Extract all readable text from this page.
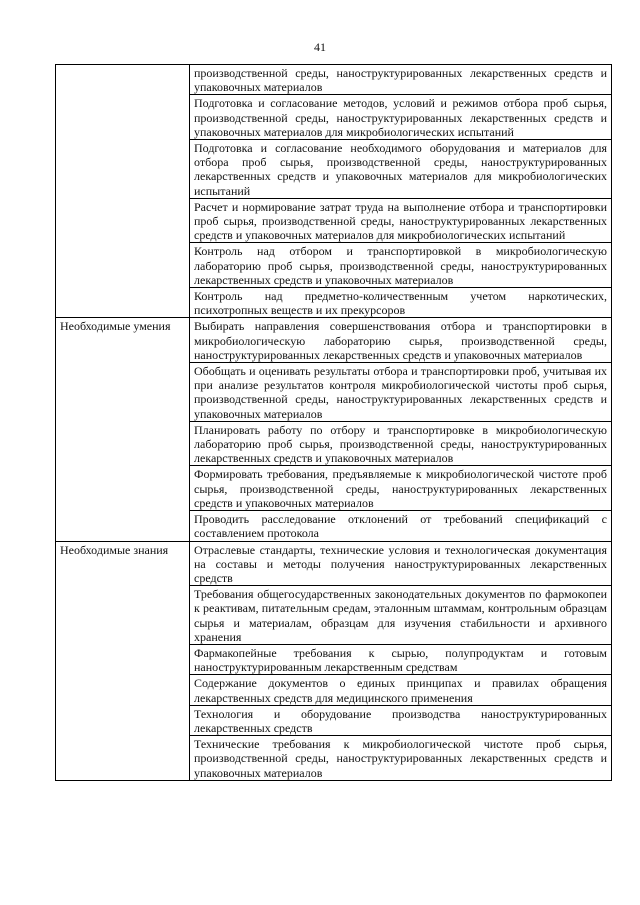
41
	производственной среды, наноструктурированных лекарственных средств и упаковочных материалов
	Подготовка и согласование методов, условий и режимов отбора проб сырья, производственной среды, наноструктурированных лекарственных средств и упаковочных материалов для микробиологических испытаний
	Подготовка и согласование необходимого оборудования и материалов для отбора проб сырья, производственной среды, наноструктурированных лекарственных средств и упаковочных материалов для микробиологических испытаний
	Расчет и нормирование затрат труда на выполнение отбора и транспортировки проб сырья, производственной среды, наноструктурированных лекарственных средств и упаковочных материалов для микробиологических испытаний
	Контроль над отбором и транспортировкой в микробиологическую лабораторию проб сырья, производственной среды, наноструктурированных лекарственных средств и упаковочных материалов
	Контроль над предметно-количественным учетом наркотических, психотропных веществ и их прекурсоров
Необходимые умения	Выбирать направления совершенствования отбора и транспортировки в микробиологическую лабораторию сырья, производственной среды, наноструктурированных лекарственных средств и упаковочных материалов
	Обобщать и оценивать результаты отбора и транспортировки проб, учитывая их при анализе результатов контроля микробиологической чистоты проб сырья, производственной среды, наноструктурированных лекарственных средств и упаковочных материалов
	Планировать работу по отбору и транспортировке в микробиологическую лабораторию проб сырья, производственной среды, наноструктурированных лекарственных средств и упаковочных материалов
	Формировать требования, предъявляемые к микробиологической чистоте проб сырья, производственной среды, наноструктурированных лекарственных средств и упаковочных материалов
	Проводить расследование отклонений от требований спецификаций с составлением протокола
Необходимые знания	Отраслевые стандарты, технические условия и технологическая документация на составы и методы получения наноструктурированных лекарственных средств
	Требования общегосударственных законодательных документов по фармокопеи к реактивам, питательным средам, эталонным штаммам, контрольным образцам сырья и материалам, образцам для изучения стабильности и архивного хранения
	Фармакопейные требования к сырью, полупродуктам и готовым наноструктурированным лекарственным средствам
	Содержание документов о единых принципах и правилах обращения лекарственных средств для медицинского применения
	Технология и оборудование производства наноструктурированных лекарственных средств
	Технические требования к микробиологической чистоте проб сырья, производственной среды, наноструктурированных лекарственных средств и упаковочных материалов
